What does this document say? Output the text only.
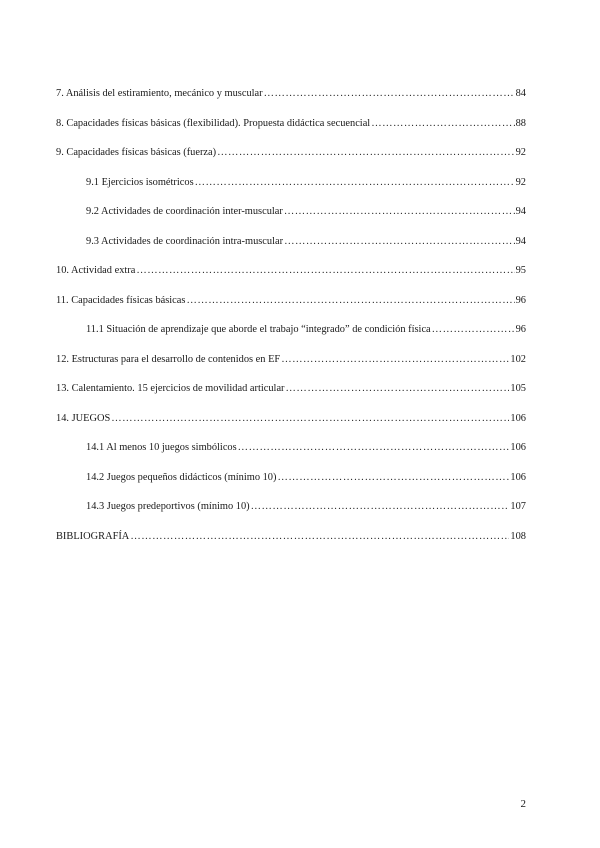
7. Análisis del estiramiento, mecánico y muscular …………………………………………………………………………………………………………………………………………………………………………………	84
8. Capacidades físicas básicas (flexibilidad). Propuesta didáctica secuencial …………………………………………………………………………………………………………………………………………………………………………………	88
9. Capacidades físicas básicas (fuerza) …………………………………………………………………………………………………………………………………………………………………………………	92
9.1 Ejercicios isométricos …………………………………………………………………………………………………………………………………………………………………………………	92
9.2 Actividades de coordinación inter-muscular …………………………………………………………………………………………………………………………………………………………………………………	94
9.3 Actividades de coordinación intra-muscular …………………………………………………………………………………………………………………………………………………………………………………	94
10. Actividad extra …………………………………………………………………………………………………………………………………………………………………………………	95
11. Capacidades físicas básicas …………………………………………………………………………………………………………………………………………………………………………………	96
11.1 Situación de aprendizaje que aborde el trabajo “integrado” de condición física …………………………………………………………………………………………………………………………………………………………………………………	96
12. Estructuras para el desarrollo de contenidos en EF …………………………………………………………………………………………………………………………………………………………………………………	102
13. Calentamiento. 15 ejercicios de movilidad articular …………………………………………………………………………………………………………………………………………………………………………………	105
14. JUEGOS …………………………………………………………………………………………………………………………………………………………………………………	106
14.1 Al menos 10 juegos simbólicos …………………………………………………………………………………………………………………………………………………………………………………	106
14.2 Juegos pequeños didácticos (mínimo 10) …………………………………………………………………………………………………………………………………………………………………………………	106
14.3 Juegos predeportivos (mínimo 10) …………………………………………………………………………………………………………………………………………………………………………………	107
BIBLIOGRAFÍA …………………………………………………………………………………………………………………………………………………………………………………	108
2
